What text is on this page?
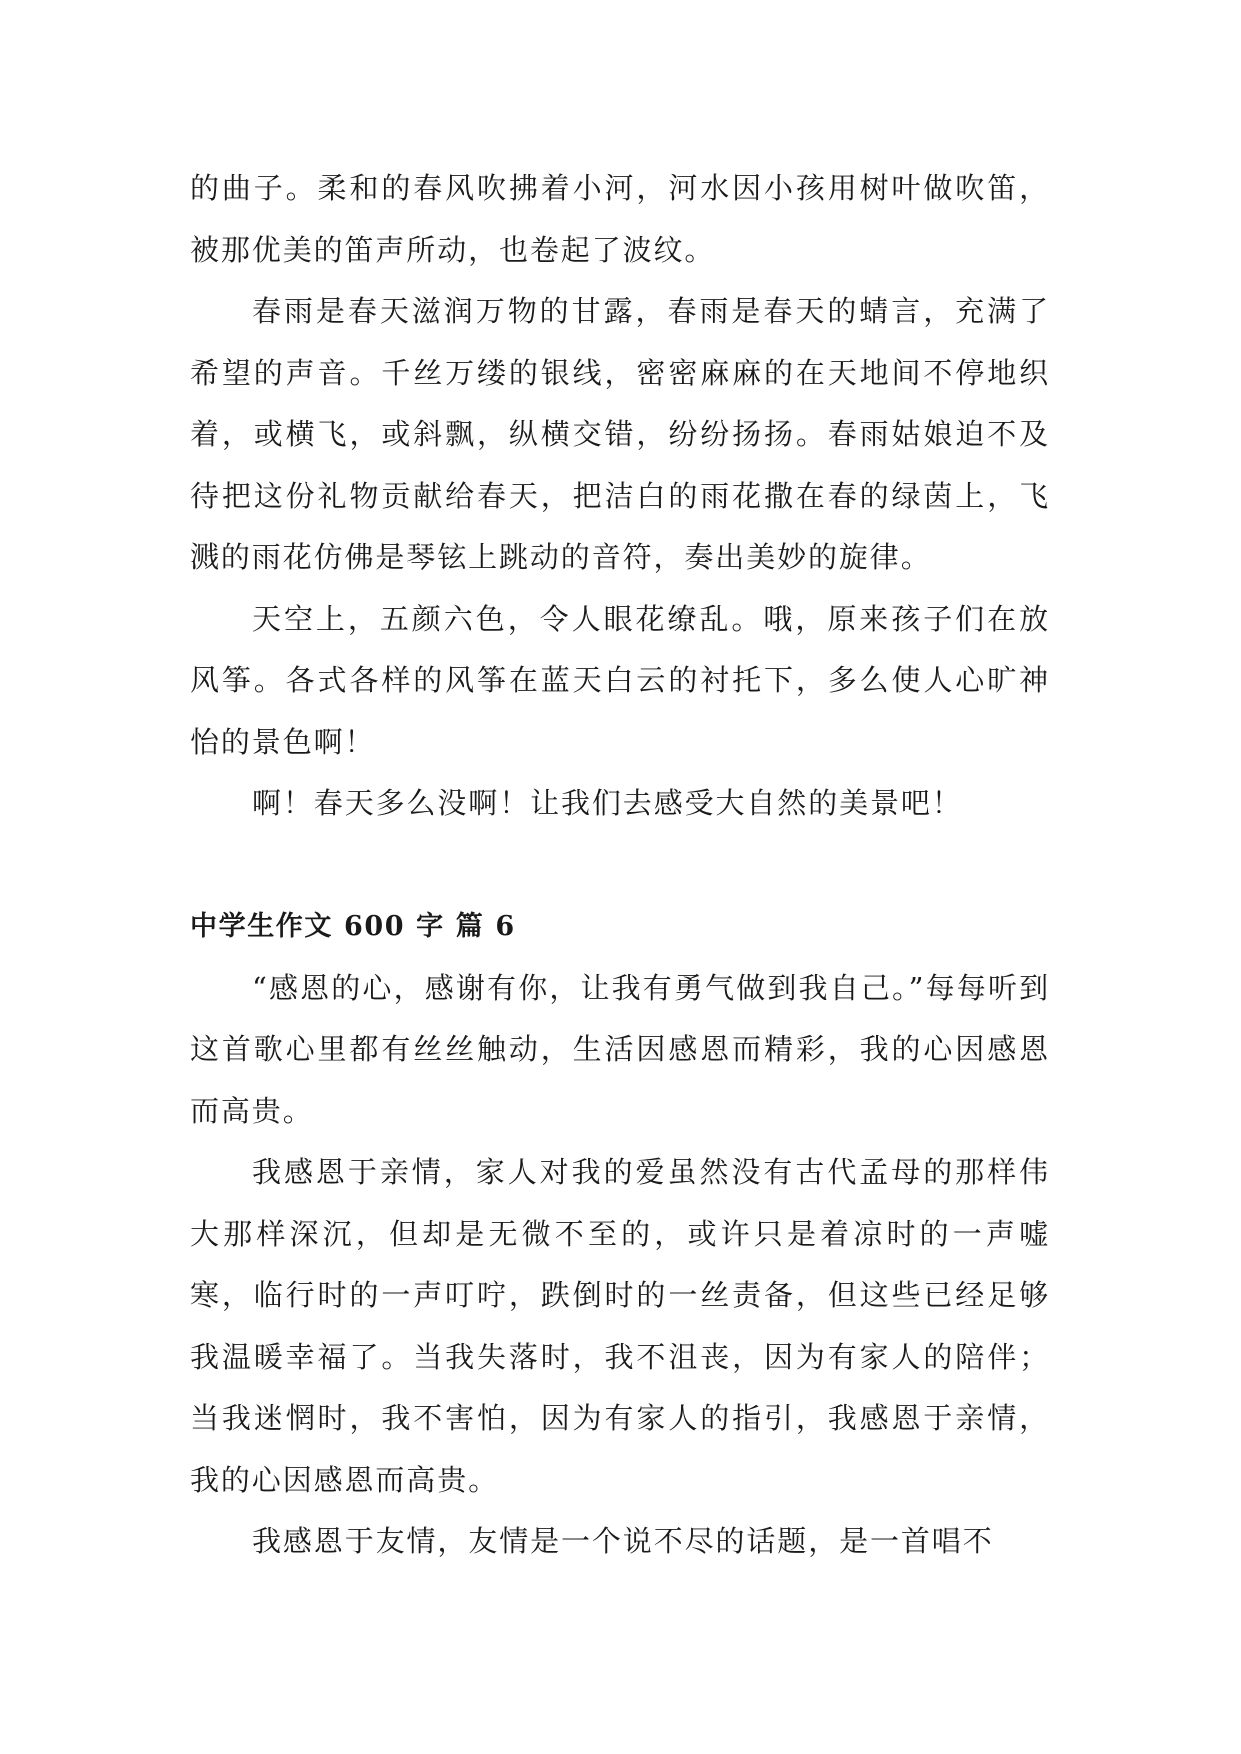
的曲子。柔和的春风吹拂着小河，河水因小孩用树叶做吹笛，被那优美的笛声所动，也卷起了波纹。

春雨是春天滋润万物的甘露，春雨是春天的蜻言，充满了希望的声音。千丝万缕的银线，密密麻麻的在天地间不停地织着，或横飞，或斜飘，纵横交错，纷纷扬扬。春雨姑娘迫不及待把这份礼物贡献给春天，把洁白的雨花撒在春的绿茵上，飞溅的雨花仿佛是琴铉上跳动的音符，奏出美妙的旋律。

天空上，五颜六色，令人眼花缭乱。哦，原来孩子们在放风筝。各式各样的风筝在蓝天白云的衬托下，多么使人心旷神怡的景色啊！

啊！春天多么没啊！让我们去感受大自然的美景吧！

中学生作文 600 字 篇 6

“感恩的心，感谢有你，让我有勇气做到我自己。”每每听到这首歌心里都有丝丝触动，生活因感恩而精彩，我的心因感恩而高贵。

我感恩于亲情，家人对我的爱虽然没有古代孟母的那样伟大那样深沉，但却是无微不至的，或许只是着凉时的一声嘘寒，临行时的一声叮咛，跌倒时的一丝责备，但这些已经足够我温暖幸福了。当我失落时，我不沮丧，因为有家人的陪伴；当我迷惘时，我不害怕，因为有家人的指引，我感恩于亲情，我的心因感恩而高贵。

我感恩于友情，友情是一个说不尽的话题，是一首唱不
